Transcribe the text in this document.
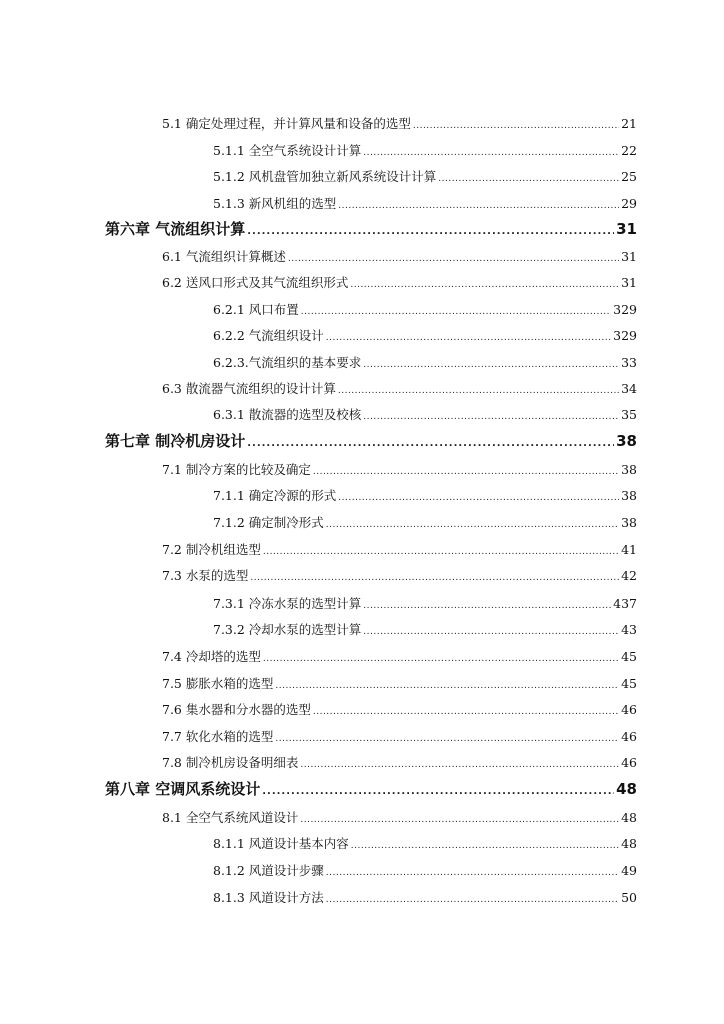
5.1 确定处理过程，并计算风量和设备的选型 .....	21
5.1.1 全空气系统设计计算 .....	22
5.1.2 风机盘管加独立新风系统设计计算 .....	25
5.1.3 新风机组的选型 .....	29
第六章 气流组织计算 .....	31
6.1 气流组织计算概述 .....	31
6.2 送风口形式及其气流组织形式 .....	31
6.2.1 风口布置 .....	329
6.2.2 气流组织设计 .....	329
6.2.3.气流组织的基本要求 .....	33
6.3 散流器气流组织的设计计算 .....	34
6.3.1 散流器的选型及校核 .....	35
第七章 制冷机房设计 .....	38
7.1 制冷方案的比较及确定 .....	38
7.1.1 确定冷源的形式 .....	38
7.1.2 确定制冷形式 .....	38
7.2 制冷机组选型 .....	41
7.3 水泵的选型 .....	42
7.3.1 冷冻水泵的选型计算 .....	437
7.3.2 冷却水泵的选型计算 .....	43
7.4 冷却塔的选型 .....	45
7.5 膨胀水箱的选型 .....	45
7.6 集水器和分水器的选型 .....	46
7.7 软化水箱的选型 .....	46
7.8 制冷机房设备明细表 .....	46
第八章 空调风系统设计 .....	48
8.1 全空气系统风道设计 .....	48
8.1.1 风道设计基本内容 .....	48
8.1.2 风道设计步骤 .....	49
8.1.3 风道设计方法 .....	50
